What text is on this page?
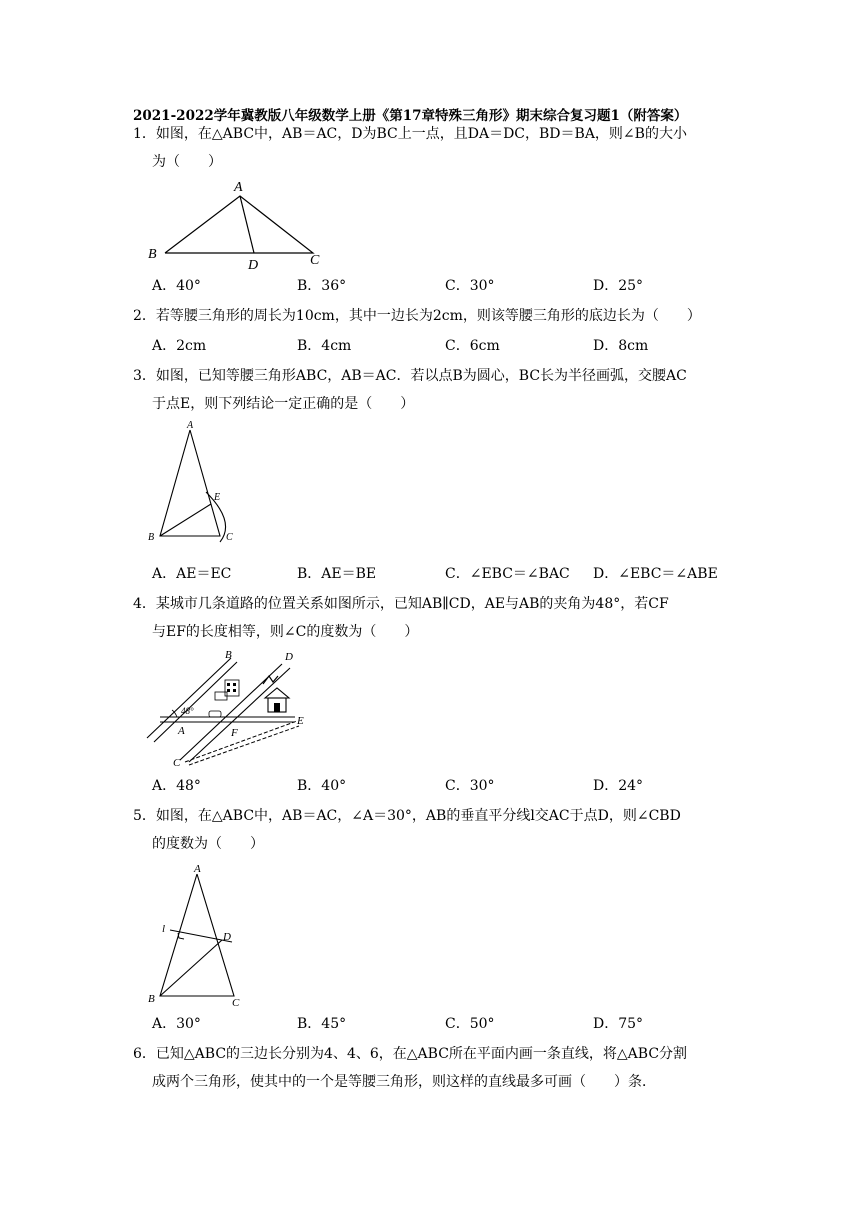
2021-2022学年冀教版八年级数学上册《第17章特殊三角形》期末综合复习题1（附答案）
1．如图，在△ABC中，AB＝AC，D为BC上一点，且DA＝DC，BD＝BA，则∠B的大小
为（　　）
A
B	C
D
A．40°	B．36°	C．30°	D．25°
2．若等腰三角形的周长为10cm，其中一边长为2cm，则该等腰三角形的底边长为（　　）
A．2cm	B．4cm	C．6cm	D．8cm
3．如图，已知等腰三角形ABC，AB＝AC．若以点B为圆心，BC长为半径画弧，交腰AC
于点E，则下列结论一定正确的是（　　）
A
B	C
E
A．AE＝EC	B．AE＝BE	C．∠EBC＝∠BAC D．∠EBC＝∠ABE
4．某城市几条道路的位置关系如图所示，已知AB∥CD，AE与AB的夹角为48°，若CF
与EF的长度相等，则∠C的度数为（　　）
48°
B	D
A	F
E
C
A．48°	B．40°	C．30°	D．24°
5．如图，在△ABC中，AB＝AC，∠A＝30°，AB的垂直平分线l交AC于点D，则∠CBD
的度数为（　　）
A
B	C
D
l
A．30°	B．45°	C．50°	D．75°
6．已知△ABC的三边长分别为4、4、6，在△ABC所在平面内画一条直线，将△ABC分割
成两个三角形，使其中的一个是等腰三角形，则这样的直线最多可画（　　）条．
